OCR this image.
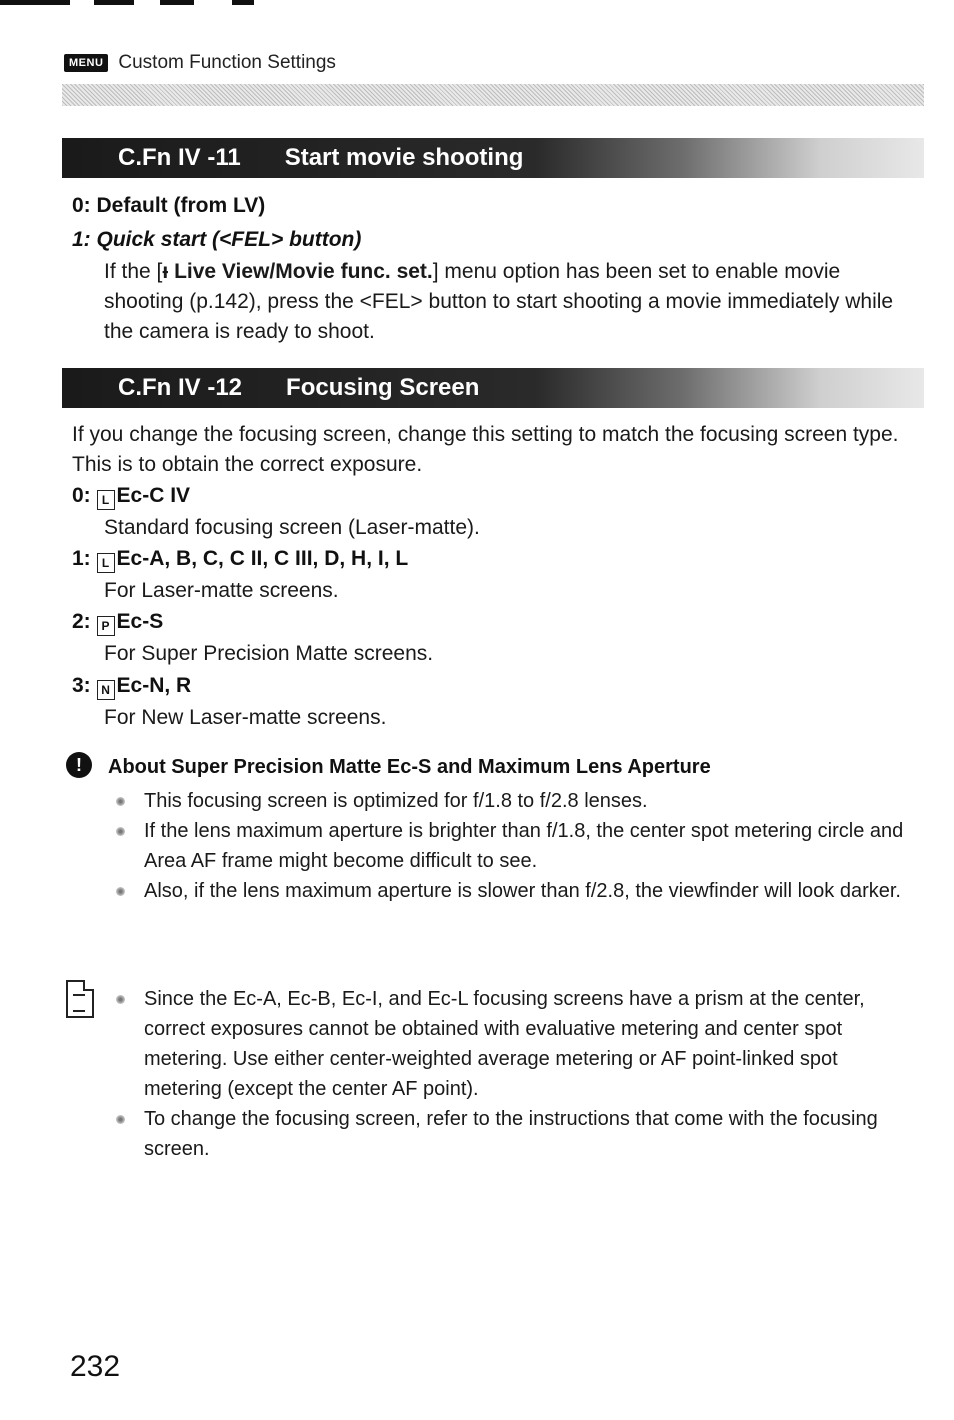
MENU Custom Function Settings
C.Fn IV -11 Start movie shooting
0: Default (from LV)
1: Quick start (<FEL> button)
If the [ᵻ Live View/Movie func. set.] menu option has been set to enable movie shooting (p.142), press the <FEL> button to start shooting a movie immediately while the camera is ready to shoot.
C.Fn IV -12 Focusing Screen
If you change the focusing screen, change this setting to match the focusing screen type. This is to obtain the correct exposure.
0: L Ec-C IV
Standard focusing screen (Laser-matte).
1: L Ec-A, B, C, C II, C III, D, H, I, L
For Laser-matte screens.
2: P Ec-S
For Super Precision Matte screens.
3: N Ec-N, R
For New Laser-matte screens.
!	About Super Precision Matte Ec-S and Maximum Lens Aperture
This focusing screen is optimized for f/1.8 to f/2.8 lenses.
If the lens maximum aperture is brighter than f/1.8, the center spot metering circle and Area AF frame might become difficult to see.
Also, if the lens maximum aperture is slower than f/2.8, the viewfinder will look darker.
Since the Ec-A, Ec-B, Ec-I, and Ec-L focusing screens have a prism at the center, correct exposures cannot be obtained with evaluative metering and center spot metering. Use either center-weighted average metering or AF point-linked spot metering (except the center AF point).
To change the focusing screen, refer to the instructions that come with the focusing screen.
232
